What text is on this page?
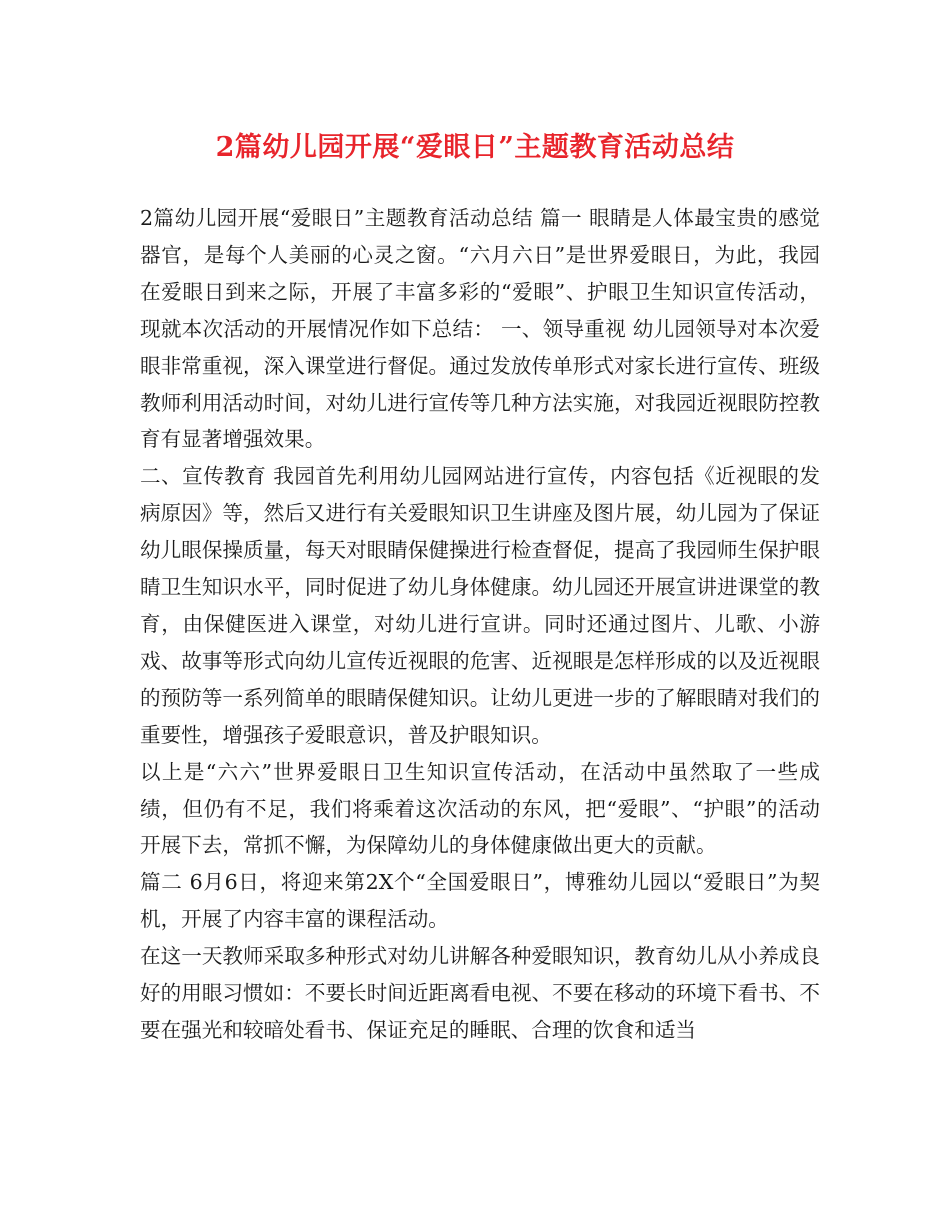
2篇幼儿园开展“爱眼日”主题教育活动总结

2篇幼儿园开展“爱眼日”主题教育活动总结 篇一 眼睛是人体最宝贵的感觉器官，是每个人美丽的心灵之窗。“六月六日”是世界爱眼日，为此，我园在爱眼日到来之际，开展了丰富多彩的“爱眼”、护眼卫生知识宣传活动，现就本次活动的开展情况作如下总结： 一、领导重视 幼儿园领导对本次爱眼非常重视，深入课堂进行督促。通过发放传单形式对家长进行宣传、班级教师利用活动时间，对幼儿进行宣传等几种方法实施，对我园近视眼防控教育有显著增强效果。

二、宣传教育 我园首先利用幼儿园网站进行宣传，内容包括《近视眼的发病原因》等，然后又进行有关爱眼知识卫生讲座及图片展，幼儿园为了保证幼儿眼保操质量，每天对眼睛保健操进行检查督促，提高了我园师生保护眼睛卫生知识水平，同时促进了幼儿身体健康。幼儿园还开展宣讲进课堂的教育，由保健医进入课堂，对幼儿进行宣讲。同时还通过图片、儿歌、小游戏、故事等形式向幼儿宣传近视眼的危害、近视眼是怎样形成的以及近视眼的预防等一系列简单的眼睛保健知识。让幼儿更进一步的了解眼睛对我们的重要性，增强孩子爱眼意识，普及护眼知识。

以上是“六六”世界爱眼日卫生知识宣传活动，在活动中虽然取了一些成绩，但仍有不足，我们将乘着这次活动的东风，把“爱眼”、“护眼”的活动开展下去，常抓不懈，为保障幼儿的身体健康做出更大的贡献。

篇二 6月6日，将迎来第2X个“全国爱眼日”，博雅幼儿园以“爱眼日”为契机，开展了内容丰富的课程活动。

在这一天教师采取多种形式对幼儿讲解各种爱眼知识，教育幼儿从小养成良好的用眼习惯如：不要长时间近距离看电视、不要在移动的环境下看书、不要在强光和较暗处看书、保证充足的睡眠、合理的饮食和适当
